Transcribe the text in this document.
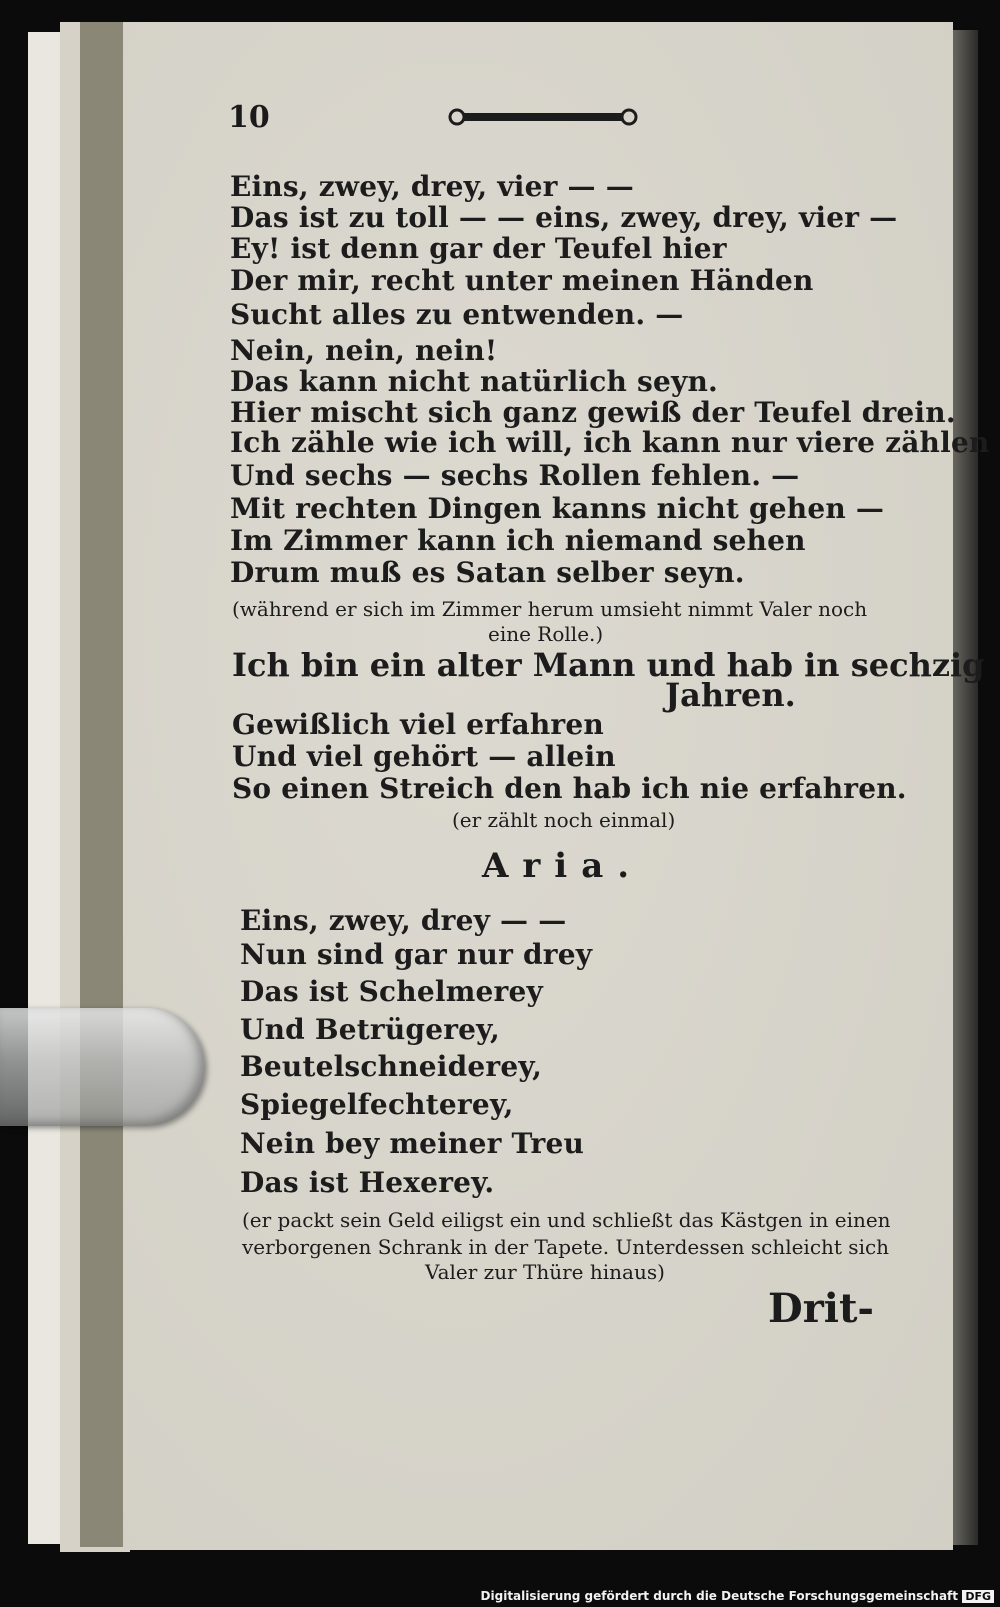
10
Eins, zwey, drey, vier — —
Das ist zu toll — — eins, zwey, drey, vier —
Ey! ist denn gar der Teufel hier
Der mir, recht unter meinen Händen
Sucht alles zu entwenden. —
Nein, nein, nein!
Das kann nicht natürlich seyn.
Hier mischt sich ganz gewiß der Teufel drein.
Ich zähle wie ich will, ich kann nur viere zählen
Und sechs — sechs Rollen fehlen. —
Mit rechten Dingen kanns nicht gehen —
Im Zimmer kann ich niemand sehen
Drum muß es Satan selber seyn.
(während er sich im Zimmer herum umsieht nimmt Valer noch
eine Rolle.)
Ich bin ein alter Mann und hab in sechzig
Jahren.
Gewißlich viel erfahren
Und viel gehört — allein
So einen Streich den hab ich nie erfahren.
(er zählt noch einmal)
Aria.
Eins, zwey, drey — —
Nun sind gar nur drey
Das ist Schelmerey
Und Betrügerey,
Beutelschneiderey,
Spiegelfechterey,
Nein bey meiner Treu
Das ist Hexerey.
(er packt sein Geld eiligst ein und schließt das Kästgen in einen
verborgenen Schrank in der Tapete. Unterdessen schleicht sich
Valer zur Thüre hinaus)
Drit-
Digitalisierung gefördert durch die Deutsche Forschungsgemeinschaft DFG
